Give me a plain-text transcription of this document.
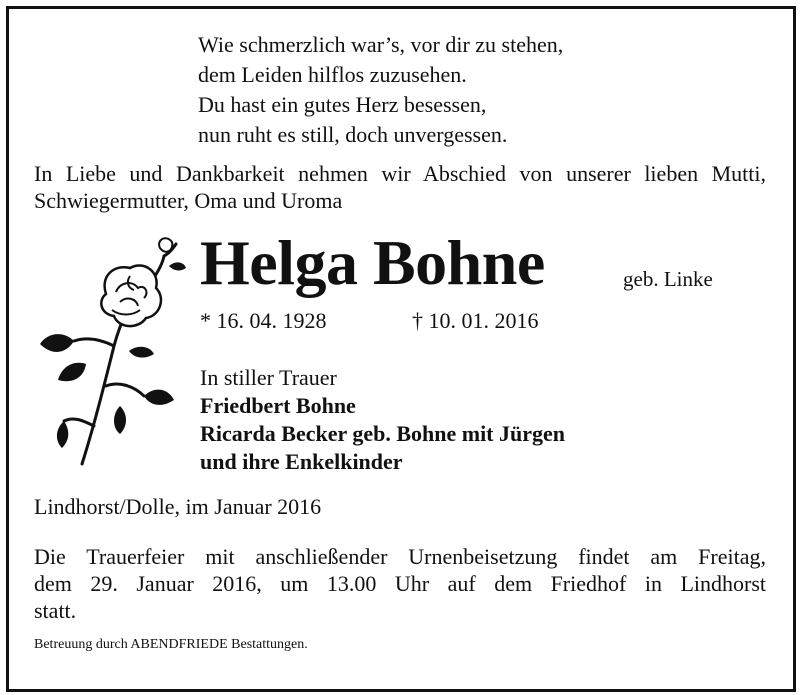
Wie schmerzlich war’s, vor dir zu stehen,
dem Leiden hilflos zuzusehen.
Du hast ein gutes Herz besessen,
nun ruht es still, doch unvergessen.
In Liebe und Dankbarkeit nehmen wir Abschied von unserer lieben Mutti, Schwiegermutter, Oma und Uroma
Helga Bohne	geb. Linke
* 16. 04. 1928	† 10. 01. 2016
In stiller Trauer
Friedbert Bohne
Ricarda Becker geb. Bohne mit Jürgen
und ihre Enkelkinder
Lindhorst/Dolle, im Januar 2016
Die Trauerfeier mit anschließender Urnenbeisetzung findet am Freitag,
dem 29. Januar 2016, um 13.00 Uhr auf dem Friedhof in Lindhorst
statt.
Betreuung durch ABENDFRIEDE Bestattungen.
